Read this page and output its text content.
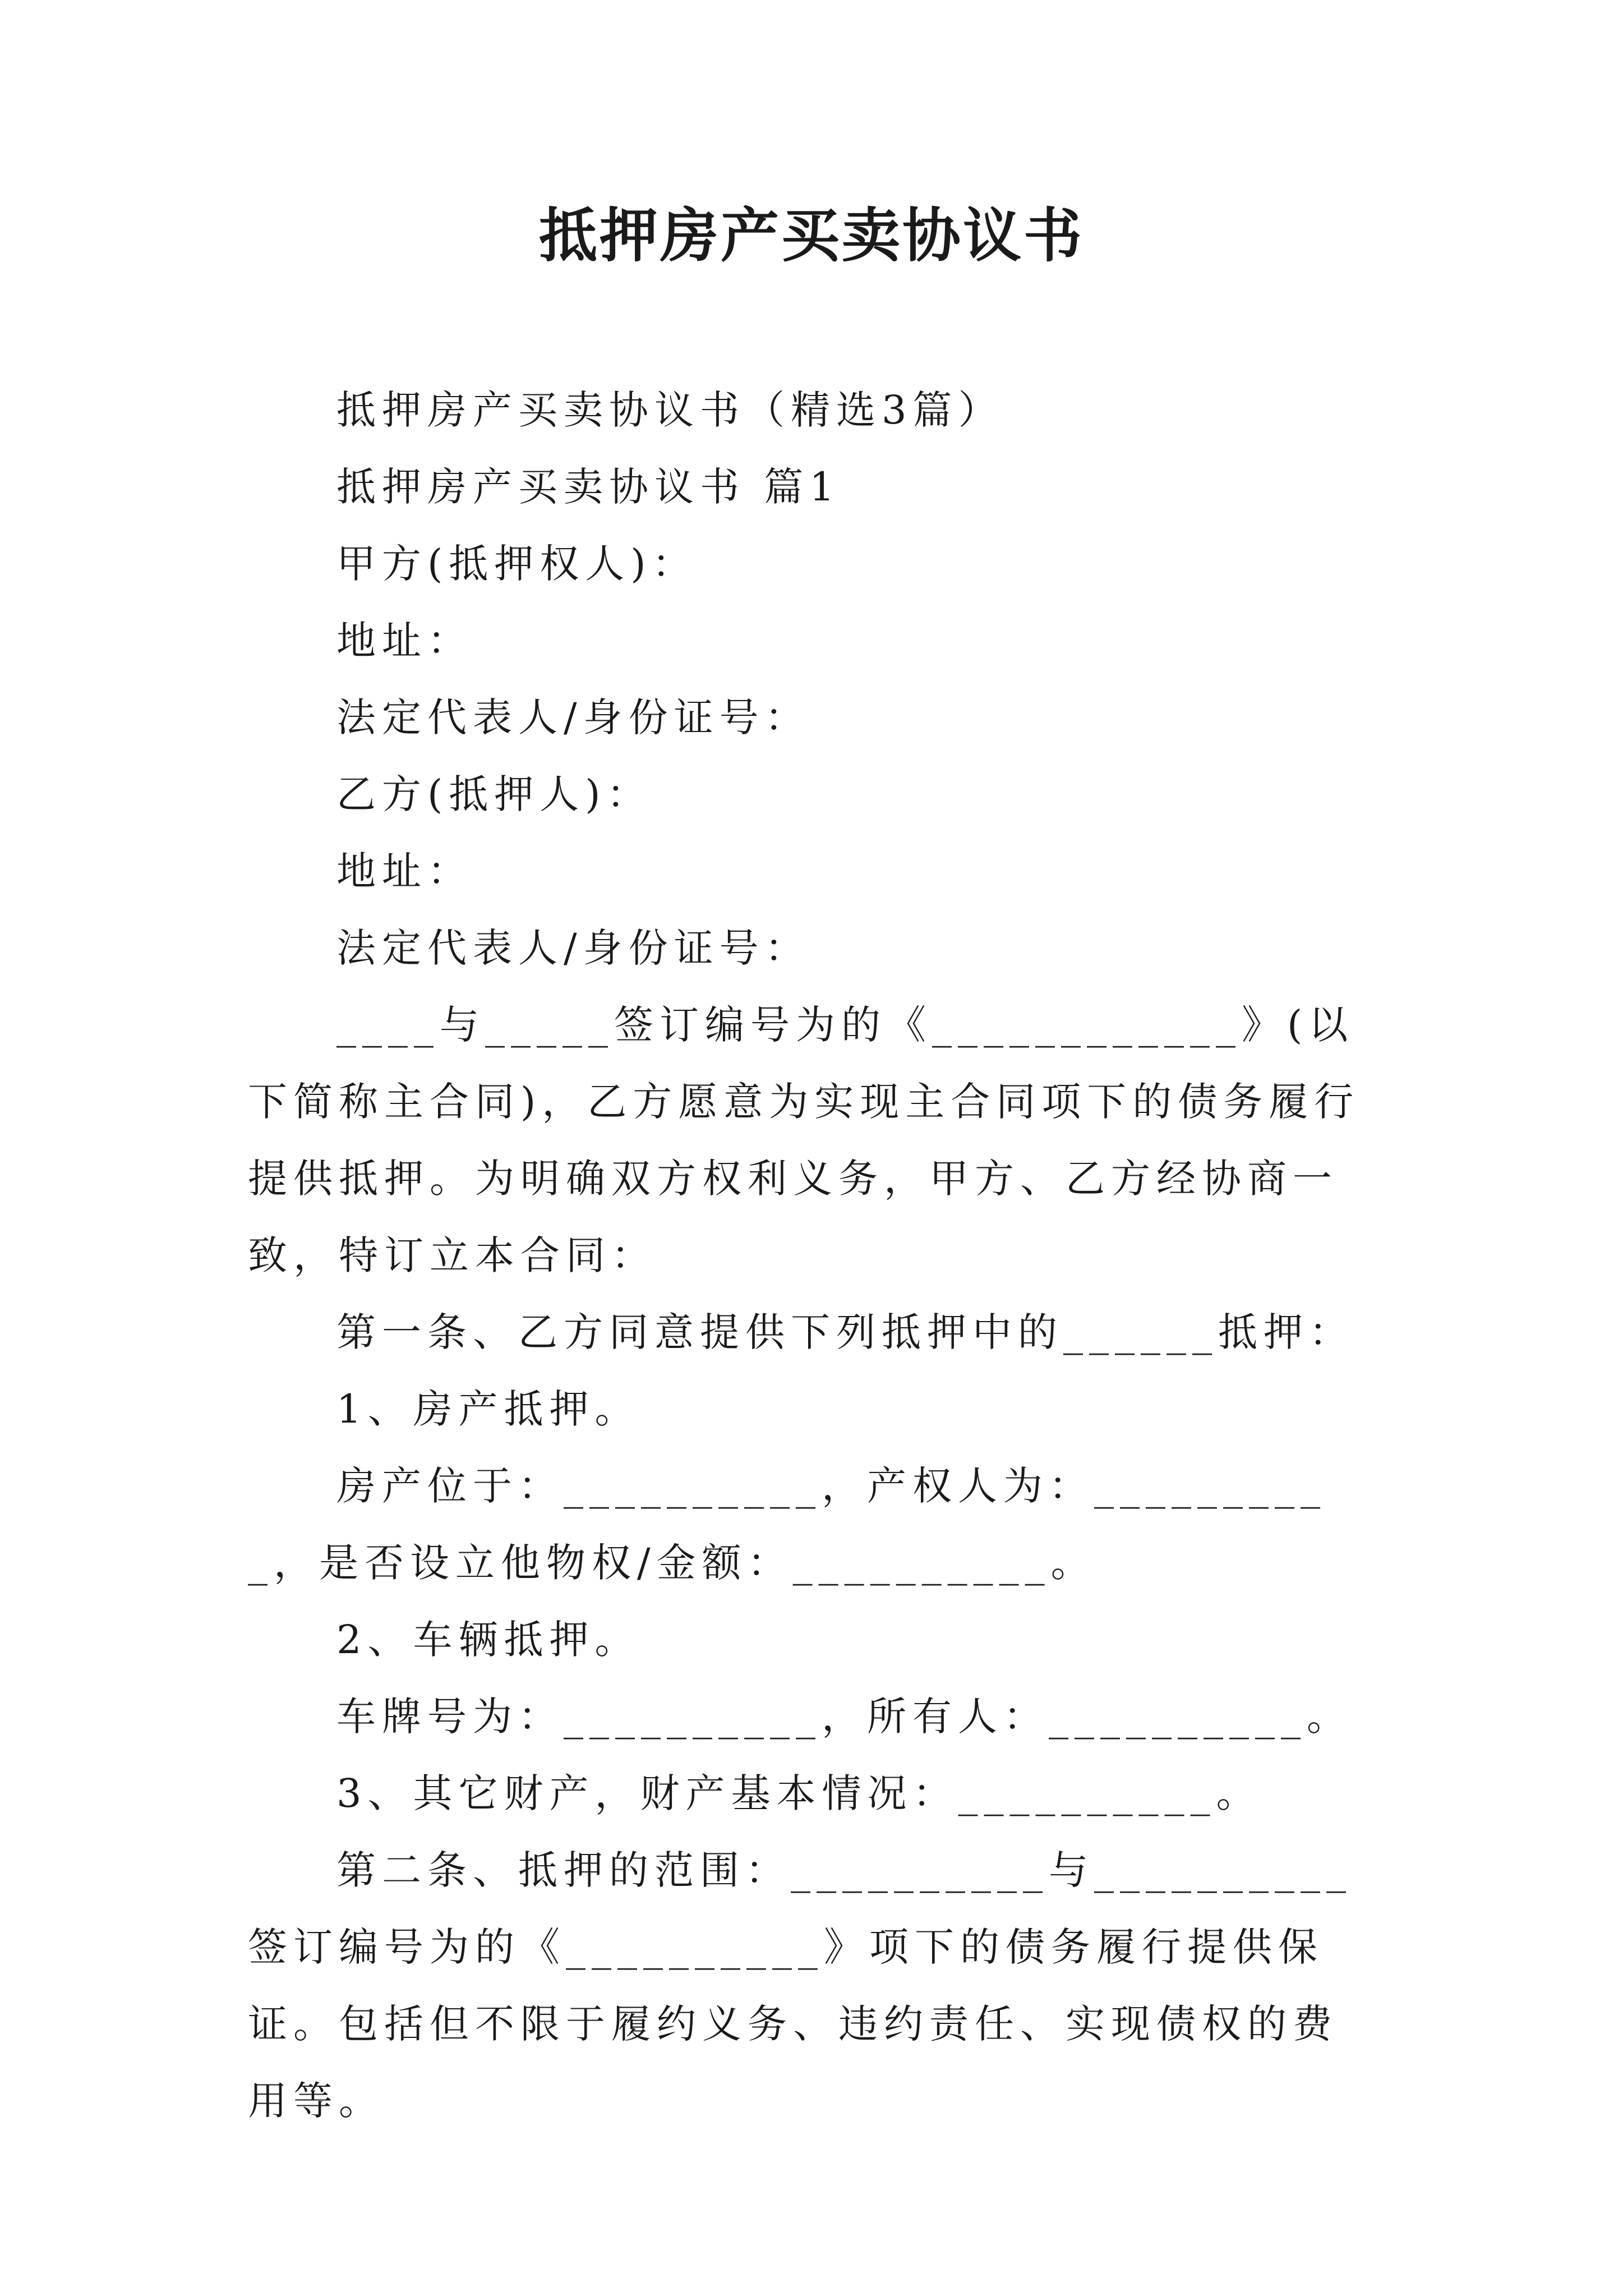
抵押房产买卖协议书

抵押房产买卖协议书（精选3篇）

抵押房产买卖协议书 篇1

甲方(抵押权人)：

地址：

法定代表人/身份证号：

乙方(抵押人)：

地址：

法定代表人/身份证号：

____与_____签订编号为的《____________》(以下简称主合同)，乙方愿意为实现主合同项下的债务履行提供抵押。为明确双方权利义务，甲方、乙方经协商一致，特订立本合同：

第一条、乙方同意提供下列抵押中的______抵押：

1、房产抵押。

房产位于：__________，产权人为：__________，是否设立他物权/金额：__________。

2、车辆抵押。

车牌号为：__________，所有人：__________。

3、其它财产，财产基本情况：__________。

第二条、抵押的范围：__________与__________签订编号为的《__________》项下的债务履行提供保证。包括但不限于履约义务、违约责任、实现债权的费用等。
